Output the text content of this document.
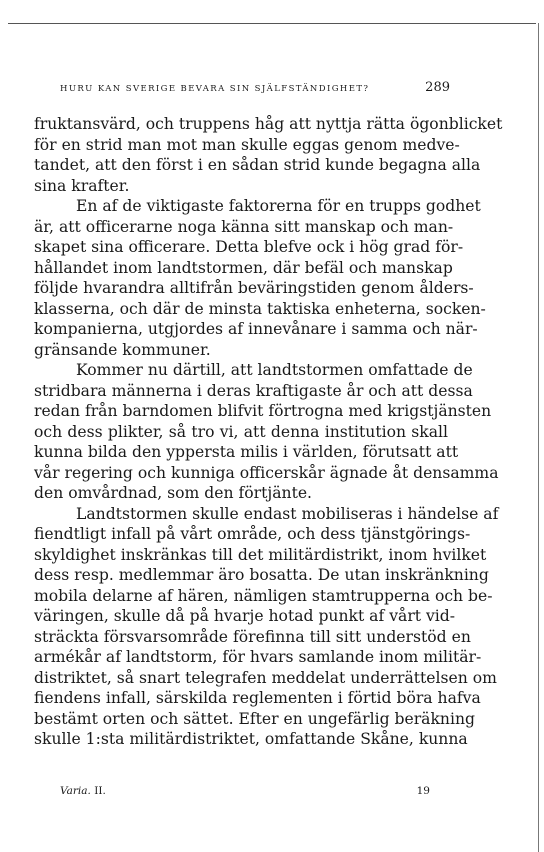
HURU KAN SVERIGE BEVARA SIN SJÄLFSTÄNDIGHET?	289
fruktansvärd, och truppens håg att nyttja rätta ögonblicket
för en strid man mot man skulle eggas genom medve-
tandet, att den först i en sådan strid kunde begagna alla
sina krafter.
En af de viktigaste faktorerna för en trupps godhet
är, att officerarne noga känna sitt manskap och man-
skapet sina officerare. Detta blefve ock i hög grad för-
hållandet inom landtstormen, där befäl och manskap
följde hvarandra alltifrån beväringstiden genom ålders-
klasserna, och där de minsta taktiska enheterna, socken-
kompanierna, utgjordes af innevånare i samma och när-
gränsande kommuner.
Kommer nu därtill, att landtstormen omfattade de
stridbara männerna i deras kraftigaste år och att dessa
redan från barndomen blifvit förtrogna med krigstjänsten
och dess plikter, så tro vi, att denna institution skall
kunna bilda den yppersta milis i världen, förutsatt att
vår regering och kunniga officerskår ägnade åt densamma
den omvårdnad, som den förtjänte.
Landtstormen skulle endast mobiliseras i händelse af
fiendtligt infall på vårt område, och dess tjänstgörings-
skyldighet inskränkas till det militärdistrikt, inom hvilket
dess resp. medlemmar äro bosatta. De utan inskränkning
mobila delarne af hären, nämligen stamtrupperna och be-
väringen, skulle då på hvarje hotad punkt af vårt vid-
sträckta försvarsområde förefinna till sitt understöd en
armékår af landtstorm, för hvars samlande inom militär-
distriktet, så snart telegrafen meddelat underrättelsen om
fiendens infall, särskilda reglementen i förtid böra hafva
bestämt orten och sättet. Efter en ungefärlig beräkning
skulle 1:sta militärdistriktet, omfattande Skåne, kunna
Varia. II.	19
